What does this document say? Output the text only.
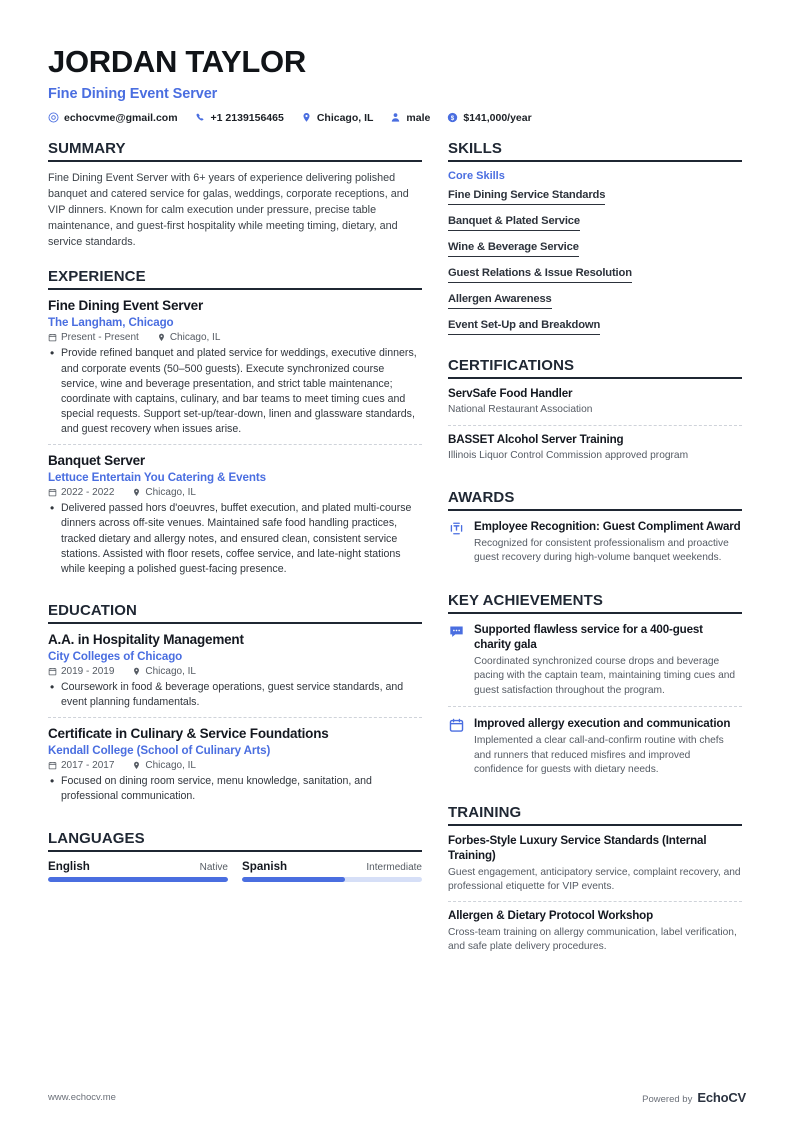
JORDAN TAYLOR
Fine Dining Event Server
echocvme@gmail.com	+1 2139156465	Chicago, IL	male $ $141,000/year
SUMMARY
Fine Dining Event Server with 6+ years of experience delivering polished banquet and catered service for galas, weddings, corporate receptions, and VIP dinners. Known for calm execution under pressure, precise table maintenance, and guest-first hospitality while meeting timing, dietary, and service standards.
EXPERIENCE
Fine Dining Event Server
The Langham, Chicago
Present - Present	Chicago, IL
• Provide refined banquet and plated service for weddings, executive dinners, and corporate events (50–500 guests). Execute synchronized course service, wine and beverage presentation, and strict table maintenance; coordinate with captains, culinary, and bar teams to meet timing cues and special requests. Support set-up/tear-down, linen and glassware standards, and guest recovery when issues arise.
Banquet Server
Lettuce Entertain You Catering & Events
2022 - 2022	Chicago, IL
• Delivered passed hors d'oeuvres, buffet execution, and plated multi-course dinners across off-site venues. Maintained safe food handling practices, tracked dietary and allergy notes, and ensured clean, consistent service stations. Assisted with floor resets, coffee service, and late-night stations while keeping a polished guest-facing presence.
EDUCATION
A.A. in Hospitality Management
City Colleges of Chicago
2019 - 2019	Chicago, IL
• Coursework in food & beverage operations, guest service standards, and event planning fundamentals.
Certificate in Culinary & Service Foundations
Kendall College (School of Culinary Arts)
2017 - 2017	Chicago, IL
• Focused on dining room service, menu knowledge, sanitation, and professional communication.
LANGUAGES
English	Native Spanish	Intermediate
SKILLS
Core Skills
Fine Dining Service Standards
Banquet & Plated Service
Wine & Beverage Service
Guest Relations & Issue Resolution
Allergen Awareness
Event Set-Up and Breakdown
CERTIFICATIONS
ServSafe Food Handler
National Restaurant Association
BASSET Alcohol Server Training
Illinois Liquor Control Commission approved program
AWARDS
Employee Recognition: Guest Compliment Award
Recognized for consistent professionalism and proactive guest recovery during high-volume banquet weekends.
KEY ACHIEVEMENTS
Supported flawless service for a 400-guest charity gala
Coordinated synchronized course drops and beverage pacing with the captain team, maintaining timing cues and guest satisfaction throughout the program.
Improved allergy execution and communication
Implemented a clear call-and-confirm routine with chefs and runners that reduced misfires and improved confidence for guests with dietary needs.
TRAINING
Forbes-Style Luxury Service Standards (Internal Training)
Guest engagement, anticipatory service, complaint recovery, and professional etiquette for VIP events.
Allergen & Dietary Protocol Workshop
Cross-team training on allergy communication, label verification, and safe plate delivery procedures.
www.echocv.me	Powered by EchoCV
